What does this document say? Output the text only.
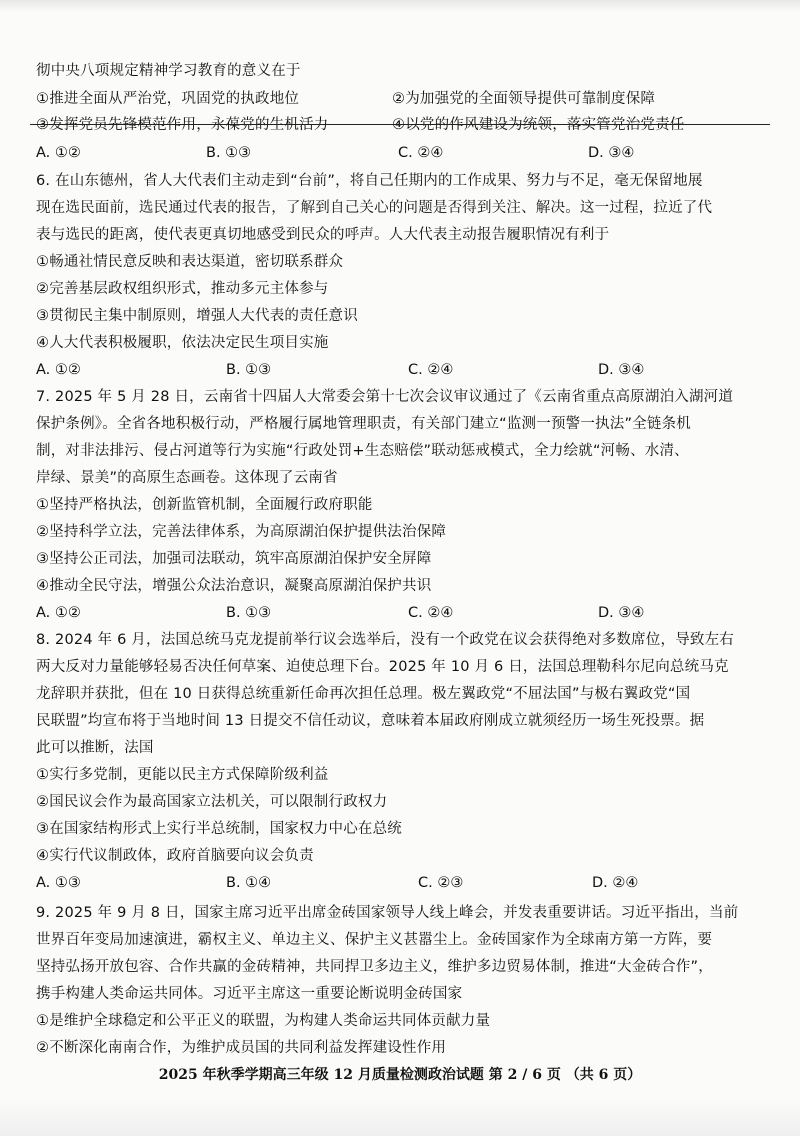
彻中央八项规定精神学习教育的意义在于
①推进全面从严治党，巩固党的执政地位	②为加强党的全面领导提供可靠制度保障
③发挥党员先锋模范作用，永葆党的生机活力	④以党的作风建设为统领，落实管党治党责任
A. ①②	B. ①③	C. ②④	D. ③④
6. 在山东德州，省人大代表们主动走到“台前”，将自己任期内的工作成果、努力与不足，毫无保留地展
现在选民面前，选民通过代表的报告，了解到自己关心的问题是否得到关注、解决。这一过程，拉近了代
表与选民的距离，使代表更真切地感受到民众的呼声。人大代表主动报告履职情况有利于
①畅通社情民意反映和表达渠道，密切联系群众
②完善基层政权组织形式，推动多元主体参与
③贯彻民主集中制原则，增强人大代表的责任意识
④人大代表积极履职，依法决定民生项目实施
A. ①②	B. ①③	C. ②④	D. ③④
7. 2025 年 5 月 28 日，云南省十四届人大常委会第十七次会议审议通过了《云南省重点高原湖泊入湖河道
保护条例》。全省各地积极行动，严格履行属地管理职责，有关部门建立“监测一预警一执法”全链条机
制，对非法排污、侵占河道等行为实施“行政处罚+生态赔偿”联动惩戒模式，全力绘就“河畅、水清、
岸绿、景美”的高原生态画卷。这体现了云南省
①坚持严格执法，创新监管机制，全面履行政府职能
②坚持科学立法，完善法律体系，为高原湖泊保护提供法治保障
③坚持公正司法，加强司法联动，筑牢高原湖泊保护安全屏障
④推动全民守法，增强公众法治意识，凝聚高原湖泊保护共识
A. ①②	B. ①③	C. ②④	D. ③④
8. 2024 年 6 月，法国总统马克龙提前举行议会选举后，没有一个政党在议会获得绝对多数席位，导致左右
两大反对力量能够轻易否决任何草案、迫使总理下台。2025 年 10 月 6 日，法国总理勒科尔尼向总统马克
龙辞职并获批，但在 10 日获得总统重新任命再次担任总理。极左翼政党“不屈法国”与极右翼政党“国
民联盟”均宣布将于当地时间 13 日提交不信任动议，意味着本届政府刚成立就须经历一场生死投票。据
此可以推断，法国
①实行多党制，更能以民主方式保障阶级利益
②国民议会作为最高国家立法机关，可以限制行政权力
③在国家结构形式上实行半总统制，国家权力中心在总统
④实行代议制政体，政府首脑要向议会负责
A. ①③	B. ①④	C. ②③	D. ②④
9. 2025 年 9 月 8 日，国家主席习近平出席金砖国家领导人线上峰会，并发表重要讲话。习近平指出，当前
世界百年变局加速演进，霸权主义、单边主义、保护主义甚嚣尘上。金砖国家作为全球南方第一方阵，要
坚持弘扬开放包容、合作共赢的金砖精神，共同捍卫多边主义，维护多边贸易体制，推进“大金砖合作”，
携手构建人类命运共同体。习近平主席这一重要论断说明金砖国家
①是维护全球稳定和公平正义的联盟，为构建人类命运共同体贡献力量
②不断深化南南合作，为维护成员国的共同利益发挥建设性作用
2025 年秋季学期高三年级 12 月质量检测政治试题 第 2 / 6 页 （共 6 页）
